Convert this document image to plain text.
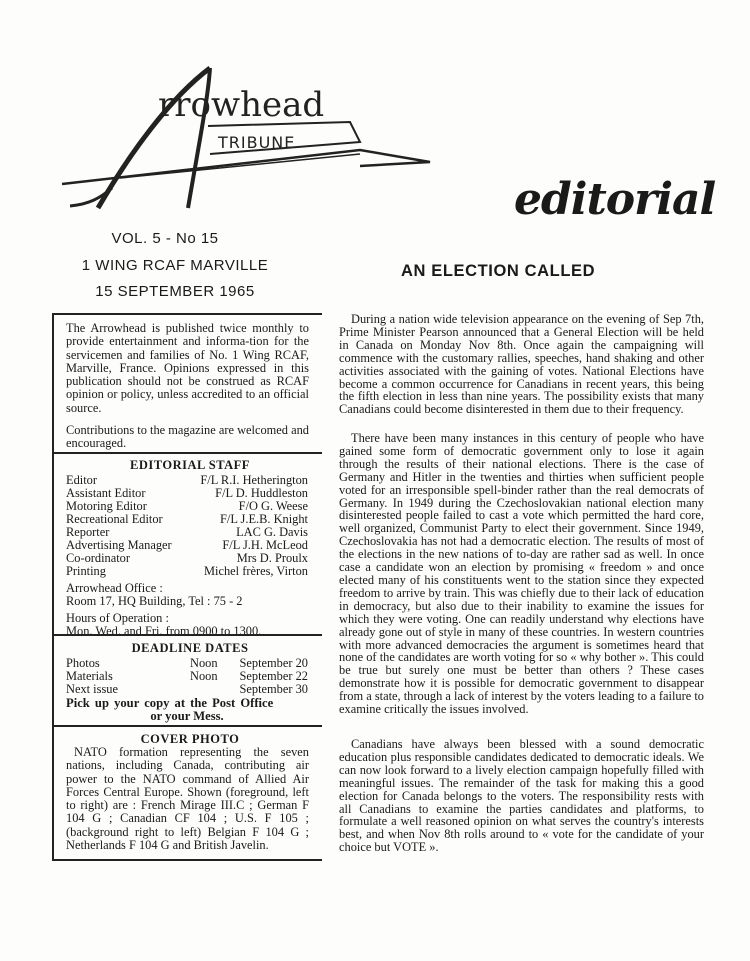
rrowhead
TRIBUNE
VOL. 5 - No 15
1 WING RCAF MARVILLE
15 SEPTEMBER 1965
editorial
AN ELECTION CALLED
The Arrowhead is published twice monthly to provide entertainment and informa-tion for the servicemen and families of No. 1 Wing RCAF, Marville, France. Opinions expressed in this publication should not be construed as RCAF opinion or policy, unless accredited to an official source.
Contributions to the magazine are welcomed and encouraged.
EDITORIAL STAFF
Editor	F/L R.I. Hetherington
Assistant Editor	F/L D. Huddleston
Motoring Editor	F/O G. Weese
Recreational Editor	F/L J.E.B. Knight
Reporter	LAC G. Davis
Advertising Manager	F/L J.H. McLeod
Co-ordinator	Mrs D. Proulx
Printing	Michel frères, Virton
Arrowhead Office :
Room 17, HQ Building, Tel : 75 - 2
Hours of Operation :
Mon. Wed. and Fri. from 0900 to 1300.
DEADLINE DATES
Photos	Noon September 20
Materials	Noon September 22
Next issue	September 30
Pick up your copy at the Post Office
or your Mess.
COVER PHOTO
NATO formation representing the seven nations, including Canada, contributing air power to the NATO command of Allied Air Forces Central Europe. Shown (foreground, left to right) are : French Mirage III.C ; German F 104 G ; Canadian CF 104 ; U.S. F 105 ; (background right to left) Belgian F 104 G ; Netherlands F 104 G and British Javelin.
During a nation wide television appearance on the evening of Sep 7th, Prime Minister Pearson announced that a General Election will be held in Canada on Monday Nov 8th. Once again the campaigning will commence with the customary rallies, speeches, hand shaking and other activities associated with the gaining of votes. National Elections have become a common occurrence for Canadians in recent years, this being the fifth election in less than nine years. The possibility exists that many Canadians could become disinterested in them due to their frequency.
There have been many instances in this century of people who have gained some form of democratic government only to lose it again through the results of their national elections. There is the case of Germany and Hitler in the twenties and thirties when sufficient people voted for an irresponsible spell-binder rather than the real democrats of Germany. In 1949 during the Czechoslovakian national election many disinterested people failed to cast a vote which permitted the hard core, well organized, Communist Party to elect their government. Since 1949, Czechoslovakia has not had a democratic election. The results of most of the elections in the new nations of to-day are rather sad as well. In once case a candidate won an election by promising « freedom » and once elected many of his constituents went to the station since they expected freedom to arrive by train. This was chiefly due to their lack of education in democracy, but also due to their inability to examine the issues for which they were voting. One can readily understand why elections have already gone out of style in many of these countries. In western countries with more advanced democracies the argument is sometimes heard that none of the candidates are worth voting for so « why bother ». This could be true but surely one must be better than others ? These cases demonstrate how it is possible for democratic government to disappear from a state, through a lack of interest by the voters leading to a failure to examine critically the issues involved.
Canadians have always been blessed with a sound democratic education plus responsible candidates dedicated to democratic ideals. We can now look forward to a lively election campaign hopefully filled with meaningful issues. The remainder of the task for making this a good election for Canada belongs to the voters. The responsibility rests with all Canadians to examine the parties candidates and platforms, to formulate a well reasoned opinion on what serves the country's interests best, and when Nov 8th rolls around to « vote for the candidate of your choice but VOTE ».
